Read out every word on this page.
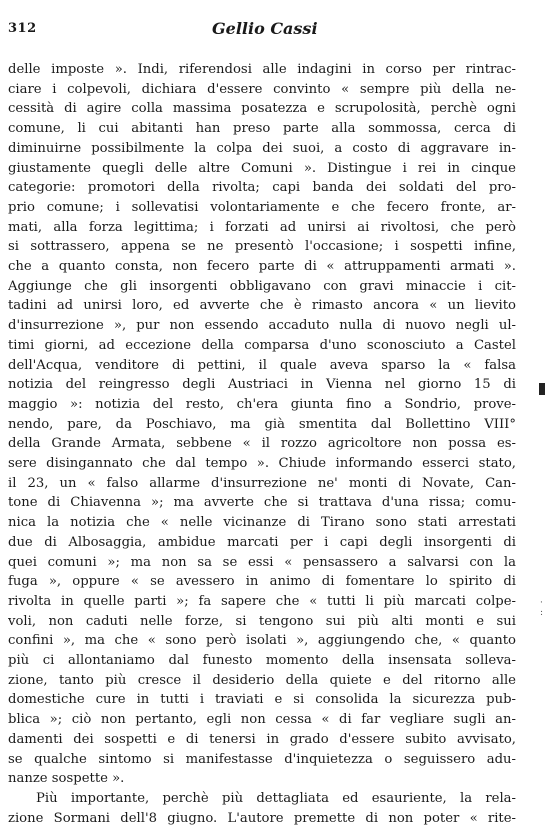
312	Gellio Cassi
delle imposte ». Indi, riferendosi alle indagini in corso per rintrac-
ciare i colpevoli, dichiara d'essere convinto « sempre più della ne-
cessità di agire colla massima posatezza e scrupolosità, perchè ogni
comune, li cui abitanti han preso parte alla sommossa, cerca di
diminuirne possibilmente la colpa dei suoi, a costo di aggravare in-
giustamente quegli delle altre Comuni ». Distingue i rei in cinque
categorie: promotori della rivolta; capi banda dei soldati del pro-
prio comune; i sollevatisi volontariamente e che fecero fronte, ar-
mati, alla forza legittima; i forzati ad unirsi ai rivoltosi, che però
si sottrassero, appena se ne presentò l'occasione; i sospetti infine,
che a quanto consta, non fecero parte di « attruppamenti armati ».
Aggiunge che gli insorgenti obbligavano con gravi minaccie i cit-
tadini ad unirsi loro, ed avverte che è rimasto ancora « un lievito
d'insurrezione », pur non essendo accaduto nulla di nuovo negli ul-
timi giorni, ad eccezione della comparsa d'uno sconosciuto a Castel
dell'Acqua, venditore di pettini, il quale aveva sparso la « falsa
notizia del reingresso degli Austriaci in Vienna nel giorno 15 di
maggio »: notizia del resto, ch'era giunta fino a Sondrio, prove-
nendo, pare, da Poschiavo, ma già smentita dal Bollettino VIII°
della Grande Armata, sebbene « il rozzo agricoltore non possa es-
sere disingannato che dal tempo ». Chiude informando esserci stato,
il 23, un « falso allarme d'insurrezione ne' monti di Novate, Can-
tone di Chiavenna »; ma avverte che si trattava d'una rissa; comu-
nica la notizia che « nelle vicinanze di Tirano sono stati arrestati
due di Albosaggia, ambidue marcati per i capi degli insorgenti di
quei comuni »; ma non sa se essi « pensassero a salvarsi con la
fuga », oppure « se avessero in animo di fomentare lo spirito di
rivolta in quelle parti »; fa sapere che « tutti li più marcati colpe-
voli, non caduti nelle forze, si tengono sui più alti monti e sui
confini », ma che « sono però isolati », aggiungendo che, « quanto
più ci allontaniamo dal funesto momento della insensata solleva-
zione, tanto più cresce il desiderio della quiete e del ritorno alle
domestiche cure in tutti i traviati e si consolida la sicurezza pub-
blica »; ciò non pertanto, egli non cessa « di far vegliare sugli an-
damenti dei sospetti e di tenersi in grado d'essere subito avvisato,
se qualche sintomo si manifestasse d'inquietezza o seguissero adu-
nanze sospette ».
Più importante, perchè più dettagliata ed esauriente, la rela-
zione Sormani dell'8 giugno. L'autore premette di non poter « rite-
·
:
